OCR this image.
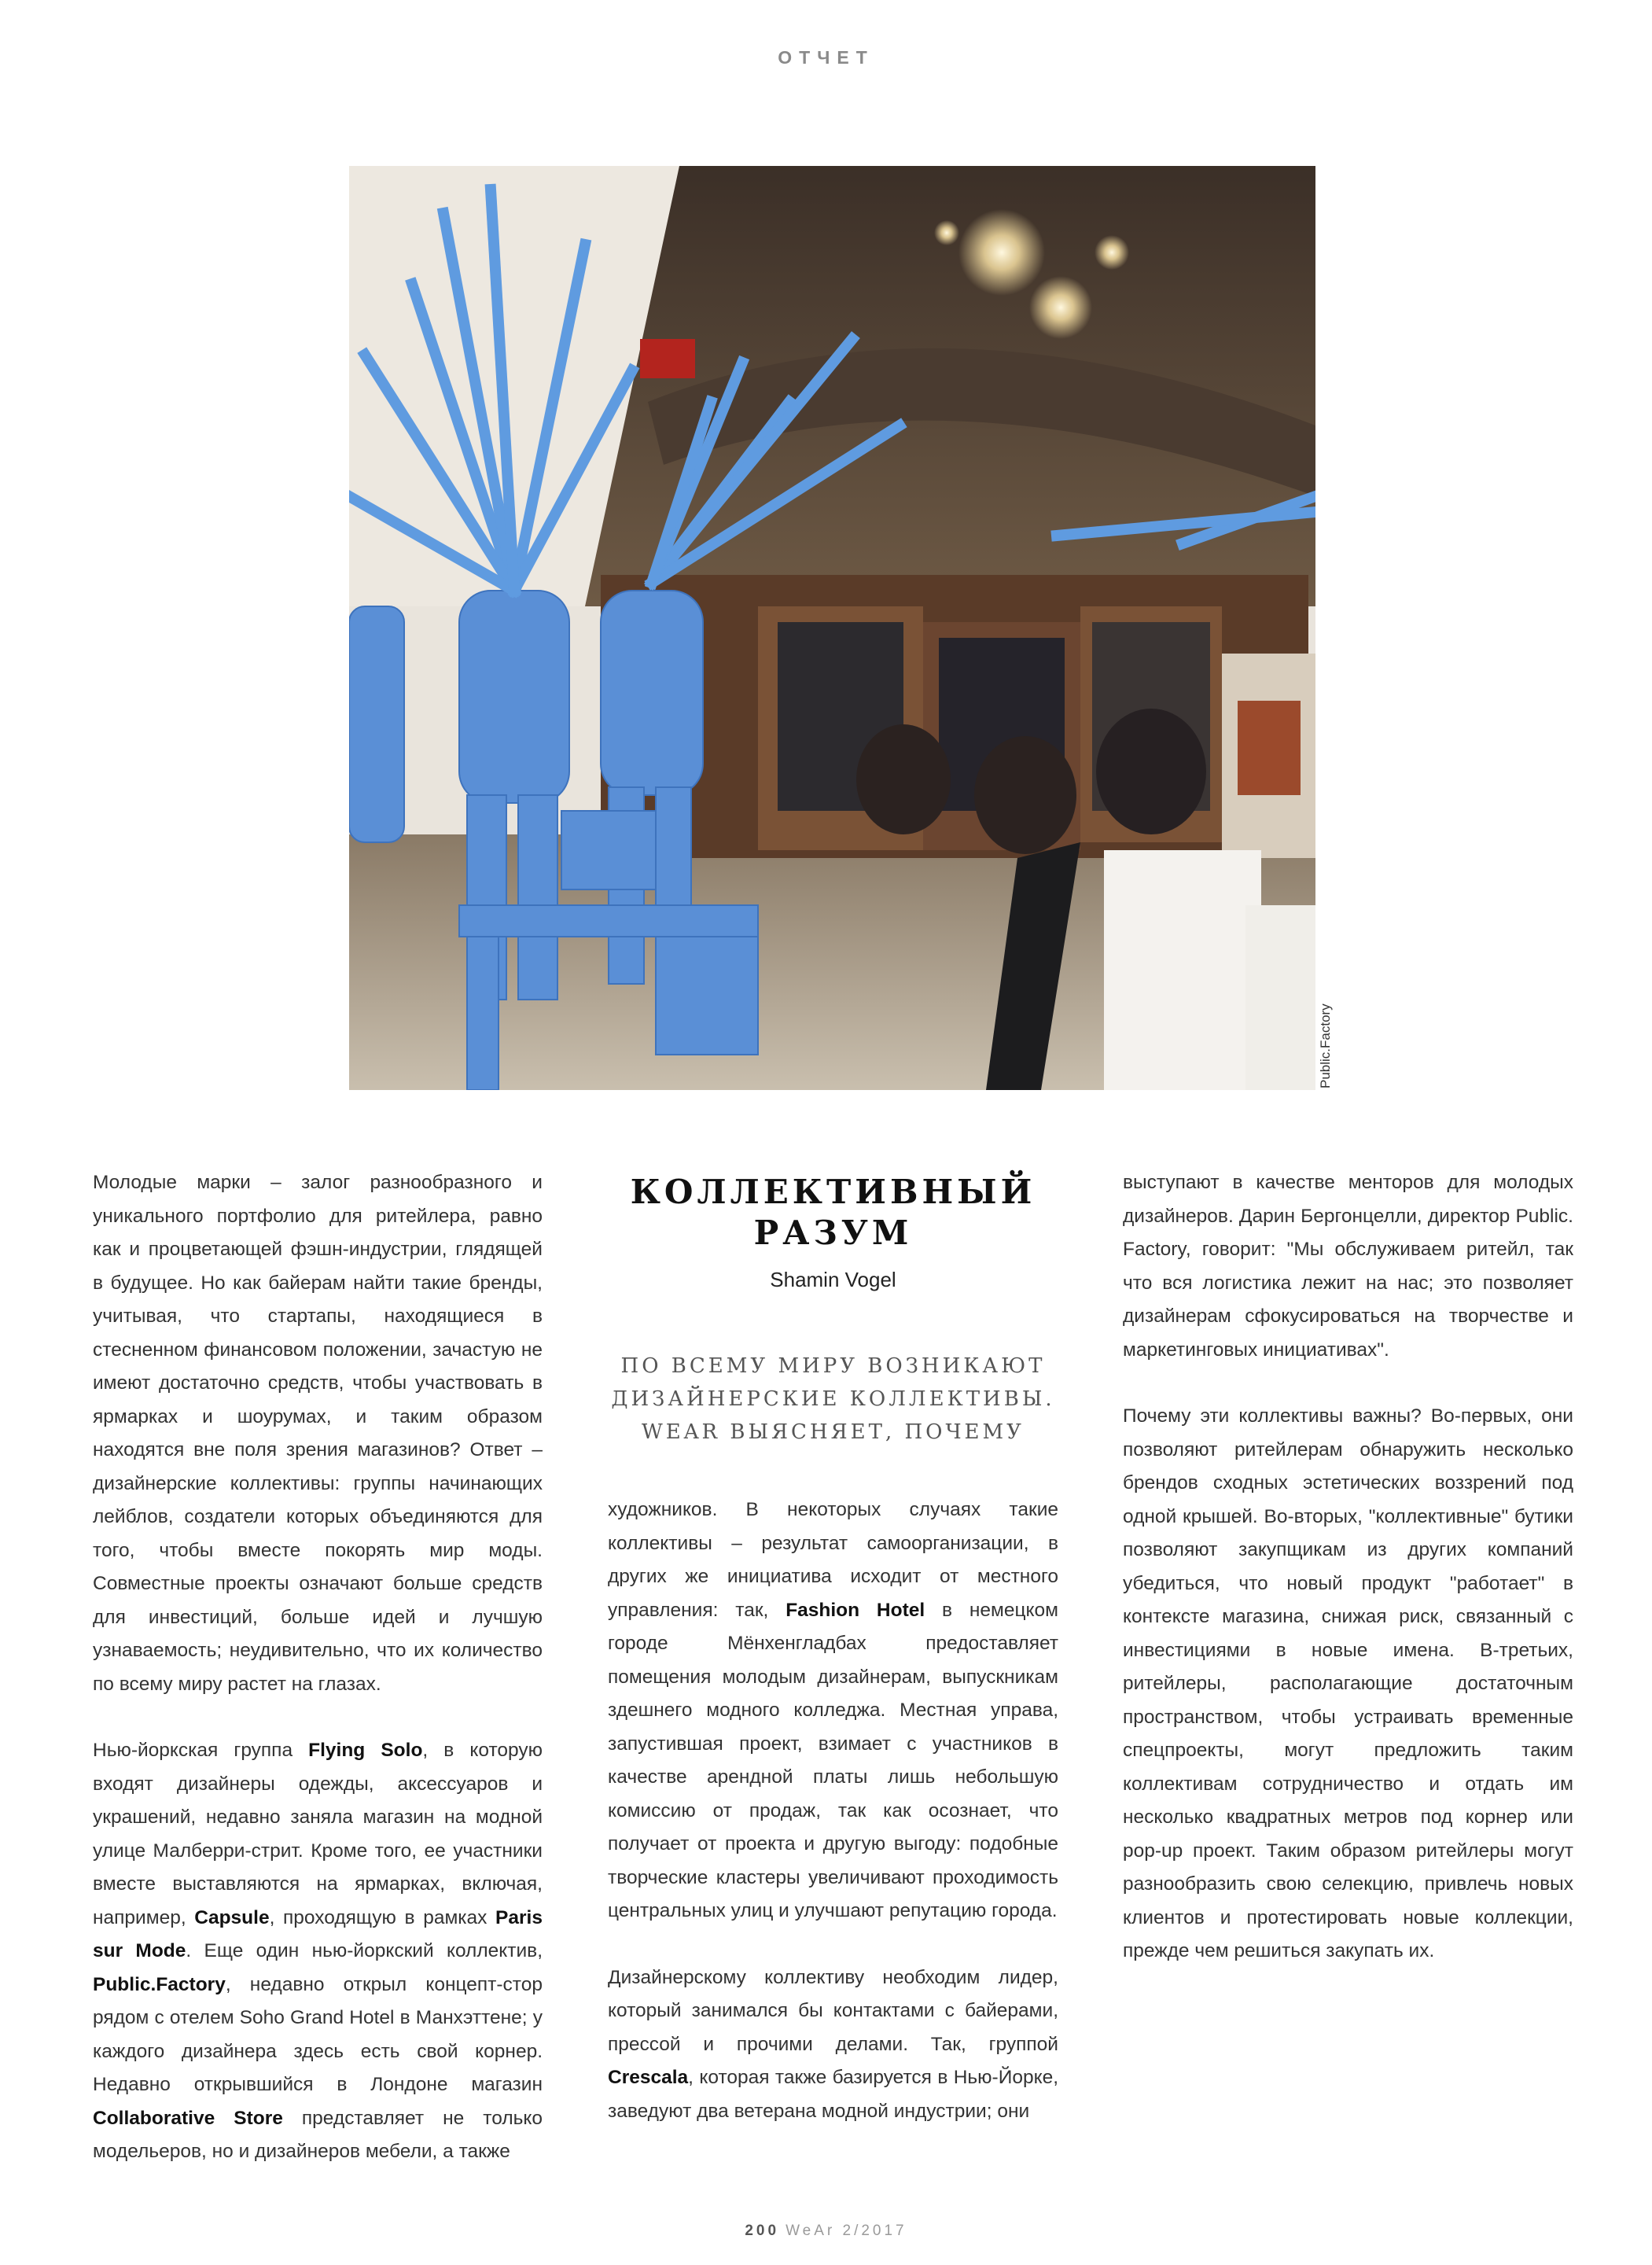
ОТЧЕТ
Public.Factory

Молодые марки – залог разнообразного и уникального портфолио для ритейлера, равно как и процветающей фэшн-индустрии, глядящей в будущее. Но как байерам найти такие бренды, учитывая, что стартапы, находящиеся в стесненном финансовом положении, зачастую не имеют достаточно средств, чтобы участвовать в ярмарках и шоурумах, и таким образом находятся вне поля зрения магазинов? Ответ – дизайнерские коллективы: группы начинающих лейблов, создатели которых объединяются для того, чтобы вместе покорять мир моды. Совместные проекты означают больше средств для инвестиций, больше идей и лучшую узнаваемость; неудивительно, что их количество по всему миру растет на глазах.

Нью-йоркская группа Flying Solo, в которую входят дизайнеры одежды, аксессуаров и украшений, недавно заняла магазин на модной улице Малберри-стрит. Кроме того, ее участники вместе выставляются на ярмарках, включая, например, Capsule, проходящую в рамках Paris sur Mode. Еще один нью-йоркский коллектив, Public.Factory, недавно открыл концепт-стор рядом с отелем Soho Grand Hotel в Манхэттене; у каждого дизайнера здесь есть свой корнер. Недавно открывшийся в Лондоне магазин Collaborative Store представляет не только модельеров, но и дизайнеров мебели, а также

КОЛЛЕКТИВНЫЙ
РАЗУМ
Shamin Vogel
ПО ВСЕМУ МИРУ ВОЗНИКАЮТ ДИЗАЙНЕРСКИЕ КОЛЛЕКТИВЫ. WEAR ВЫЯСНЯЕТ, ПОЧЕМУ

художников. В некоторых случаях такие коллективы – результат самоорганизации, в других же инициатива исходит от местного управления: так, Fashion Hotel в немецком городе Мёнхенгладбах предоставляет помещения молодым дизайнерам, выпускникам здешнего модного колледжа. Местная управа, запустившая проект, взимает с участников в качестве арендной платы лишь небольшую комиссию от продаж, так как осознает, что получает от проекта и другую выгоду: подобные творческие кластеры увеличивают проходимость центральных улиц и улучшают репутацию города.

Дизайнерскому коллективу необходим лидер, который занимался бы контактами с байерами, прессой и прочими делами. Так, группой Crescala, которая также базируется в Нью-Йорке, заведуют два ветерана модной индустрии; они

выступают в качестве менторов для молодых дизайнеров. Дарин Бергонцелли, директор Public. Factory, говорит: "Мы обслуживаем ритейл, так что вся логистика лежит на нас; это позволяет дизайнерам сфокусироваться на творчестве и маркетинговых инициативах".

Почему эти коллективы важны? Во-первых, они позволяют ритейлерам обнаружить несколько брендов сходных эстетических воззрений под одной крышей. Во-вторых, "коллективные" бутики позволяют закупщикам из других компаний убедиться, что новый продукт "работает" в контексте магазина, снижая риск, связанный с инвестициями в новые имена. В-третьих, ритейлеры, располагающие достаточным пространством, чтобы устраивать временные спецпроекты, могут предложить таким коллективам сотрудничество и отдать им несколько квадратных метров под корнер или pop-up проект. Таким образом ритейлеры могут разнообразить свою селекцию, привлечь новых клиентов и протестировать новые коллекции, прежде чем решиться закупать их.

200 WeAr 2/2017
